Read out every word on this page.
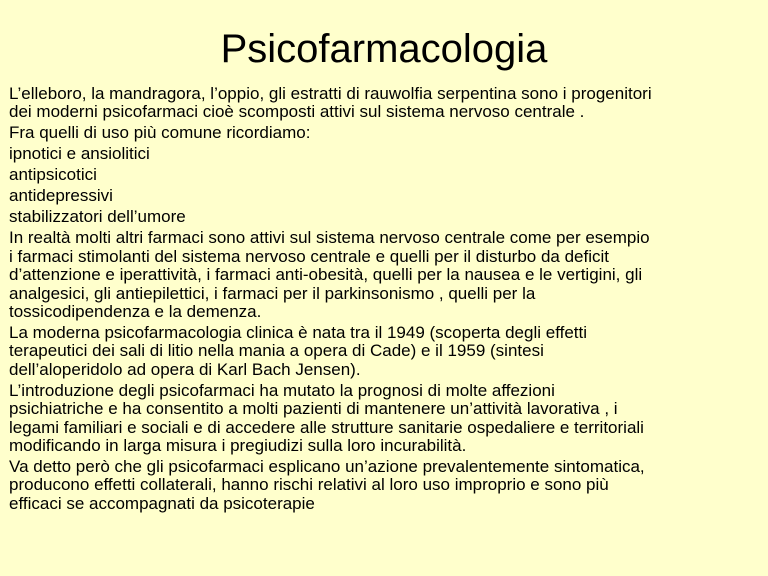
Psicofarmacologia

L’elleboro, la mandragora, l’oppio, gli estratti di rauwolfia serpentina sono i progenitori
dei moderni psicofarmaci cioè scomposti attivi sul sistema nervoso centrale .

Fra quelli di uso più comune ricordiamo:

ipnotici e ansiolitici

antipsicotici

antidepressivi

stabilizzatori dell’umore

In realtà molti altri farmaci sono attivi sul sistema nervoso centrale come per esempio
i farmaci stimolanti del sistema nervoso centrale e quelli per il disturbo da deficit
d’attenzione e iperattività, i farmaci anti-obesità, quelli per la nausea e le vertigini, gli
analgesici, gli antiepilettici, i farmaci per il parkinsonismo , quelli per la
tossicodipendenza e la demenza.

La moderna psicofarmacologia clinica è nata tra il 1949 (scoperta degli effetti
terapeutici dei sali di litio nella mania a opera di Cade) e il 1959 (sintesi
dell’aloperidolo ad opera di Karl Bach Jensen).

L’introduzione degli psicofarmaci ha mutato la prognosi di molte affezioni
psichiatriche e ha consentito a molti pazienti di mantenere un’attività lavorativa , i
legami familiari e sociali e di accedere alle strutture sanitarie ospedaliere e territoriali
modificando in larga misura i pregiudizi sulla loro incurabilità.

Va detto però che gli psicofarmaci esplicano un’azione prevalentemente sintomatica,
producono effetti collaterali, hanno rischi relativi al loro uso improprio e sono più
efficaci se accompagnati da psicoterapie
